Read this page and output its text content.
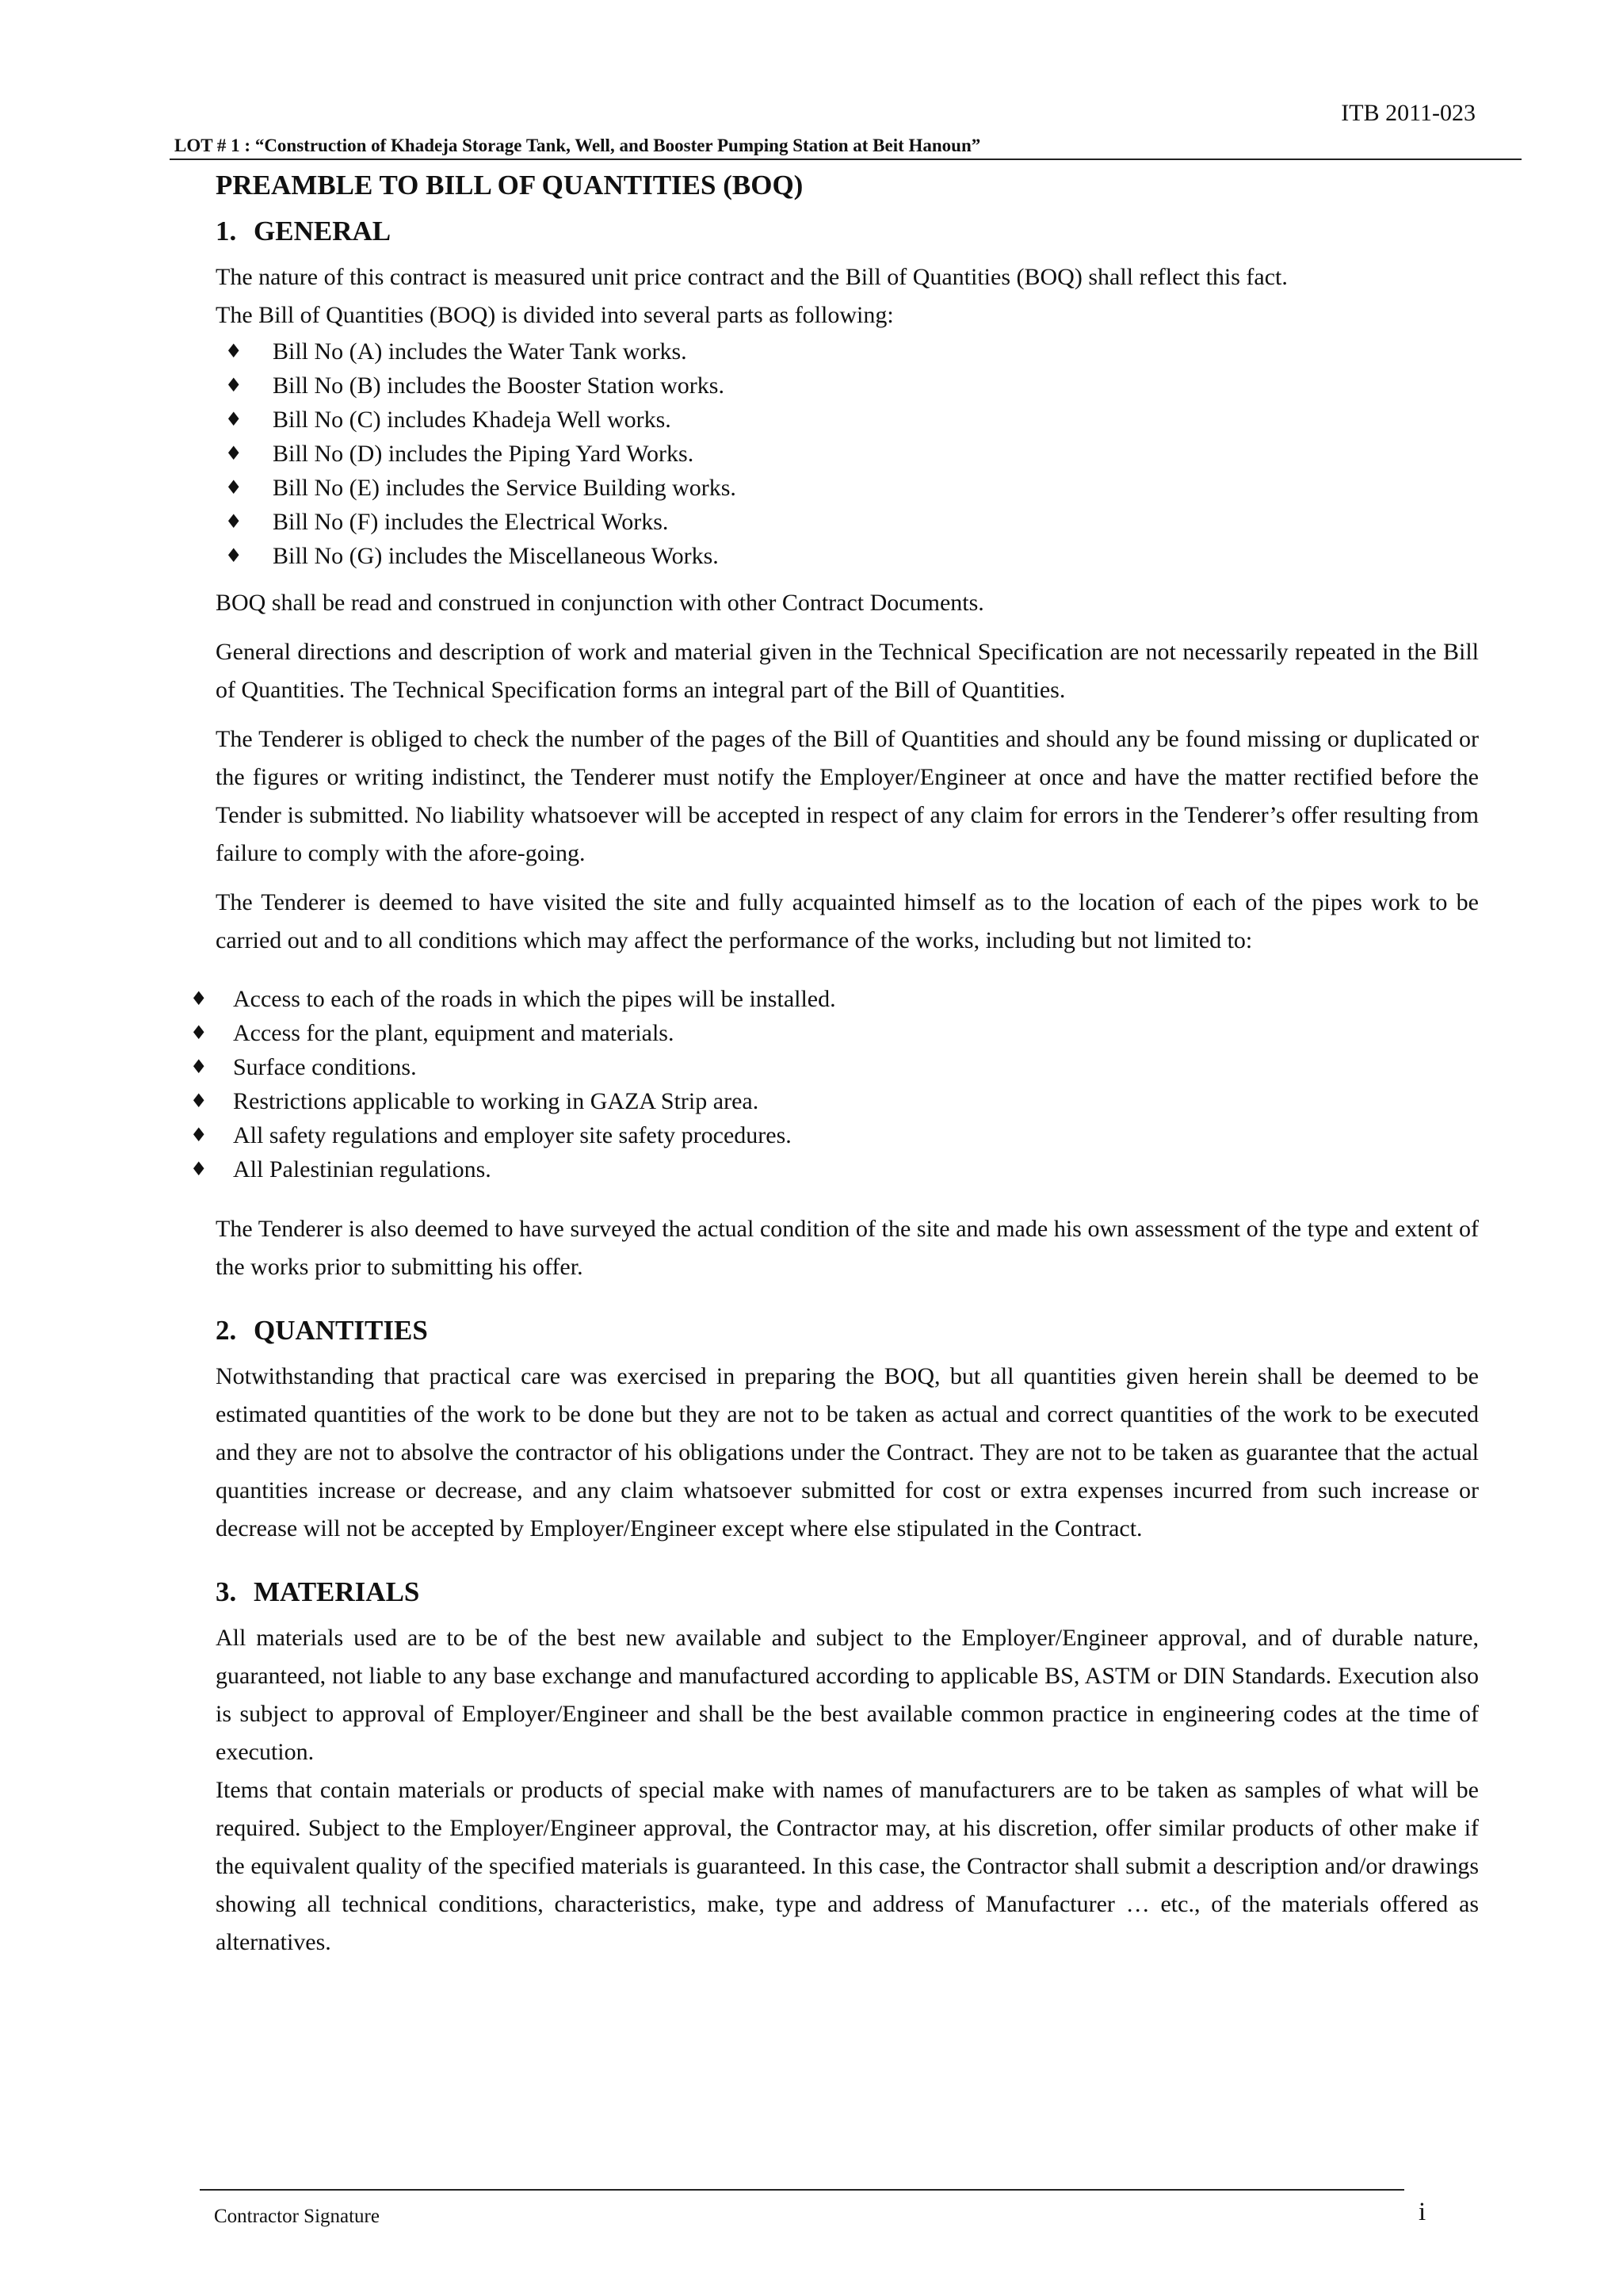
ITB 2011-023
LOT # 1 : “Construction of Khadeja Storage Tank, Well, and Booster Pumping Station at Beit Hanoun”
PREAMBLE TO BILL OF QUANTITIES (BOQ)
1. GENERAL

The nature of this contract is measured unit price contract and the Bill of Quantities (BOQ) shall reflect this fact.

The Bill of Quantities (BOQ) is divided into several parts as following:

♦ Bill No (A) includes the Water Tank works.
♦ Bill No (B) includes the Booster Station works.
♦ Bill No (C) includes Khadeja Well works.
♦ Bill No (D) includes the Piping Yard Works.
♦ Bill No (E) includes the Service Building works.
♦ Bill No (F) includes the Electrical Works.
♦ Bill No (G) includes the Miscellaneous Works.

BOQ shall be read and construed in conjunction with other Contract Documents.

General directions and description of work and material given in the Technical Specification are not necessarily repeated in the Bill of Quantities. The Technical Specification forms an integral part of the Bill of Quantities.

The Tenderer is obliged to check the number of the pages of the Bill of Quantities and should any be found missing or duplicated or the figures or writing indistinct, the Tenderer must notify the Employer/Engineer at once and have the matter rectified before the Tender is submitted. No liability whatsoever will be accepted in respect of any claim for errors in the Tenderer’s offer resulting from failure to comply with the afore-going.

The Tenderer is deemed to have visited the site and fully acquainted himself as to the location of each of the pipes work to be carried out and to all conditions which may affect the performance of the works, including but not limited to:

♦ Access to each of the roads in which the pipes will be installed.
♦ Access for the plant, equipment and materials.
♦ Surface conditions.
♦ Restrictions applicable to working in GAZA Strip area.
♦ All safety regulations and employer site safety procedures.
♦ All Palestinian regulations.

The Tenderer is also deemed to have surveyed the actual condition of the site and made his own assessment of the type and extent of the works prior to submitting his offer.

2. QUANTITIES

Notwithstanding that practical care was exercised in preparing the BOQ, but all quantities given herein shall be deemed to be estimated quantities of the work to be done but they are not to be taken as actual and correct quantities of the work to be executed and they are not to absolve the contractor of his obligations under the Contract. They are not to be taken as guarantee that the actual quantities increase or decrease, and any claim whatsoever submitted for cost or extra expenses incurred from such increase or decrease will not be accepted by Employer/Engineer except where else stipulated in the Contract.

3. MATERIALS

All materials used are to be of the best new available and subject to the Employer/Engineer approval, and of durable nature, guaranteed, not liable to any base exchange and manufactured according to applicable BS, ASTM or DIN Standards. Execution also is subject to approval of Employer/Engineer and shall be the best available common practice in engineering codes at the time of execution.

Items that contain materials or products of special make with names of manufacturers are to be taken as samples of what will be required. Subject to the Employer/Engineer approval, the Contractor may, at his discretion, offer similar products of other make if the equivalent quality of the specified materials is guaranteed. In this case, the Contractor shall submit a description and/or drawings showing all technical conditions, characteristics, make, type and address of Manufacturer … etc., of the materials offered as alternatives.

Contractor Signature	i
